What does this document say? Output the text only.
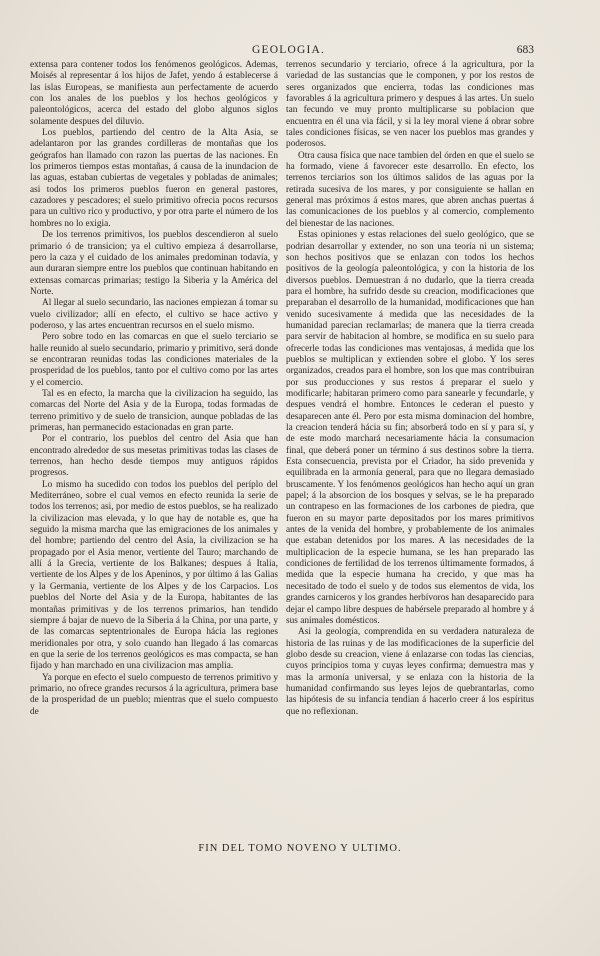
GEOLOGIA.	683

extensa para contener todos los fenómenos geológicos. Ademas, Moisés al representar á los hijos de Jafet, yendo á establecerse á las islas Europeas, se manifiesta aun perfectamente de acuerdo con los anales de los pueblos y los hechos geológicos y paleontológicos, acerca del estado del globo algunos siglos solamente despues del diluvio.

Los pueblos, partiendo del centro de la Alta Asia, se adelantaron por las grandes cordilleras de montañas que los geógrafos han llamado con razon las puertas de las naciones. En los primeros tiempos estas montañas, á causa de la inundacion de las aguas, estaban cubiertas de vegetales y pobladas de animales; asi todos los primeros pueblos fueron en general pastores, cazadores y pescadores; el suelo primitivo ofrecia pocos recursos para un cultivo rico y productivo, y por otra parte el número de los hombres no lo exigia.

De los terrenos primitivos, los pueblos descendieron al suelo primario ó de transicion; ya el cultivo empieza á desarrollarse, pero la caza y el cuidado de los animales predominan todavía, y aun duraran siempre entre los pueblos que continuan habitando en extensas comarcas primarias; testigo la Siberia y la América del Norte.

Al llegar al suelo secundario, las naciones empiezan á tomar su vuelo civilizador; allí en efecto, el cultivo se hace activo y poderoso, y las artes encuentran recursos en el suelo mismo.

Pero sobre todo en las comarcas en que el suelo terciario se halle reunido al suelo secundario, primario y primitivo, será donde se encontraran reunidas todas las condiciones materiales de la prosperidad de los pueblos, tanto por el cultivo como por las artes y el comercio.

Tal es en efecto, la marcha que la civilizacion ha seguido, las comarcas del Norte del Asia y de la Europa, todas formadas de terreno primitivo y de suelo de transicion, aunque pobladas de las primeras, han permanecido estacionadas en gran parte.

Por el contrario, los pueblos del centro del Asia que han encontrado alrededor de sus mesetas primitivas todas las clases de terrenos, han hecho desde tiempos muy antiguos rápidos progresos.

Lo mismo ha sucedido con todos los pueblos del períplo del Mediterráneo, sobre el cual vemos en efecto reunida la serie de todos los terrenos; asi, por medio de estos pueblos, se ha realizado la civilizacion mas elevada, y lo que hay de notable es, que ha seguido la misma marcha que las emigraciones de los animales y del hombre; partiendo del centro del Asia, la civilizacion se ha propagado por el Asia menor, vertiente del Tauro; marchando de allí á la Grecia, vertiente de los Balkanes; despues á Italia, vertiente de los Alpes y de los Apeninos, y por último á las Galias y la Germania, vertiente de los Alpes y de los Carpacios. Los pueblos del Norte del Asia y de la Europa, habitantes de las montañas primitivas y de los terrenos primarios, han tendido siempre á bajar de nuevo de la Siberia á la China, por una parte, y de las comarcas septentrionales de Europa hácia las regiones meridionales por otra, y solo cuando han llegado á las comarcas en que la serie de los terrenos geológicos es mas compacta, se han fijado y han marchado en una civilizacion mas amplia.

Ya porque en efecto el suelo compuesto de terrenos primitivo y primario, no ofrece grandes recursos á la agricultura, primera base de la prosperidad de un pueblo; mientras que el suelo compuesto de

terrenos secundario y terciario, ofrece á la agricultura, por la variedad de las sustancias que le componen, y por los restos de seres organizados que encierra, todas las condiciones mas favorables á la agricultura primero y despues á las artes. Un suelo tan fecundo ve muy pronto multiplicarse su poblacion que encuentra en él una via fácil, y si la ley moral viene á obrar sobre tales condiciones físicas, se ven nacer los pueblos mas grandes y poderosos.

Otra causa física que nace tambien del órden en que el suelo se ha formado, viene á favorecer este desarrollo. En efecto, los terrenos terciarios son los últimos salidos de las aguas por la retirada sucesiva de los mares, y por consiguiente se hallan en general mas próximos á estos mares, que abren anchas puertas á las comunicaciones de los pueblos y al comercio, complemento del bienestar de las naciones.

Estas opiniones y estas relaciones del suelo geológico, que se podrian desarrollar y extender, no son una teoría ni un sistema; son hechos positivos que se enlazan con todos los hechos positivos de la geología paleontológica, y con la historia de los diversos pueblos. Demuestran á no dudarlo, que la tierra creada para el hombre, ha sufrido desde su creacion, modificaciones que preparaban el desarrollo de la humanidad, modificaciones que han venido sucesivamente á medida que las necesidades de la humanidad parecian reclamarlas; de manera que la tierra creada para servir de habitacion al hombre, se modifica en su suelo para ofrecerle todas las condiciones mas ventajosas, á medida que los pueblos se multiplican y extienden sobre el globo. Y los seres organizados, creados para el hombre, son los que mas contribuiran por sus producciones y sus restos á preparar el suelo y modificarle; habitaran primero como para sanearle y fecundarle, y despues vendrá el hombre. Entonces le cederan el puesto y desaparecen ante él. Pero por esta misma dominacion del hombre, la creacion tenderá hácia su fin; absorberá todo en sí y para sí, y de este modo marchará necesariamente hácia la consumacion final, que deberá poner un término á sus destinos sobre la tierra. Esta consecuencia, prevista por el Criador, ha sido prevenida y equilibrada en la armonía general, para que no llegara demasiado bruscamente. Y los fenómenos geológicos han hecho aquí un gran papel; á la absorcion de los bosques y selvas, se le ha preparado un contrapeso en las formaciones de los carbones de piedra, que fueron en su mayor parte depositados por los mares primitivos antes de la venida del hombre, y probablemente de los animales que estaban detenidos por los mares. A las necesidades de la multiplicacion de la especie humana, se les han preparado las condiciones de fertilidad de los terrenos últimamente formados, á medida que la especie humana ha crecido, y que mas ha necesitado de todo el suelo y de todos sus elementos de vida, los grandes carniceros y los grandes herbívoros han desaparecido para dejar el campo libre despues de habérsele preparado al hombre y á sus animales domésticos.

Asi la geología, comprendida en su verdadera naturaleza de historia de las ruinas y de las modificaciones de la superficie del globo desde su creacion, viene á enlazarse con todas las ciencias, cuyos principios toma y cuyas leyes confirma; demuestra mas y mas la armonía universal, y se enlaza con la historia de la humanidad confirmando sus leyes lejos de quebrantarlas, como las hipótesis de su infancia tendian á hacerlo creer á los espíritus que no reflexionan.

FIN DEL TOMO NOVENO Y ULTIMO.
